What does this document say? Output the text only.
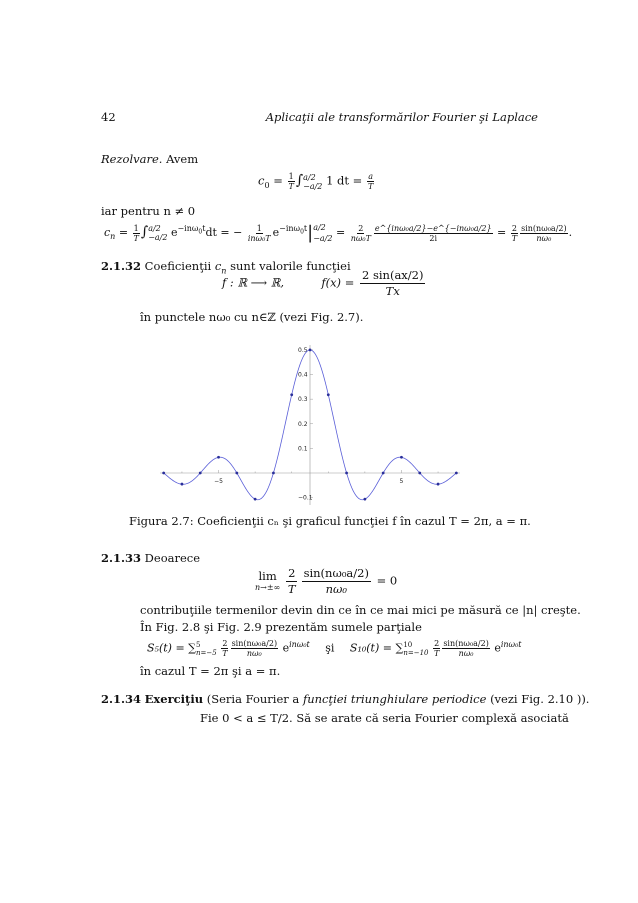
42	Aplicaţii ale transformărilor Fourier şi Laplace
Rezolvare. Avem
$c_0 = \frac{1}{T}$ ∫ a/2
−a/2 1 dt = $\frac{a}{T}$
iar pentru n ≠ 0
$c_n = \frac{1}{T}$ ∫ a/2
−a/2 $e^{-in\omega_0t}dt$ = − $\frac{1}{\text{inω₀T}} e^{-in\omega_0t}|$ a/2
$-a/2 = \frac{2}{\text{nω₀T}} \frac{\text{e\textasciicircum{}\{inω₀a/2\}−e\textasciicircum{}\{−inω₀a/2\}}}{2i} = \frac{2}{T} \frac{\text{sin(nω₀a/2)}}{\text{nω₀}}$ .
2.1.32 Coeficienţii $c_n$ sunt valorile funcţiei
f : ℝ ⟶ ℝ,	$f(x) = \frac{2 \sin(ax/2)}{Tx}$
în punctele nω₀ cu n∈ℤ (vezi Fig. 2.7).
−5	5
−0.1
0.1
0.2
0.3
0.4
0.5
Figura 2.7: Coeficienţii cₙ şi graficul funcţiei f în cazul T = 2π, a = π.
2.1.33 Deoarece
lim
n→±∞
$\frac{2}{T} \frac{\text{sin(nω₀a/2)}}{\text{nω₀}} = 0$
contribuţiile termenilor devin din ce în ce mai mici pe măsură ce |n| creşte.
În Fig. 2.8 şi Fig. 2.9 prezentăm sumele parţiale
S₅(t) = ∑ 5
n=−5
$\frac{2}{T} \frac{\text{sin(nω₀a/2)}}{\text{nω₀}} e^{in\omega_0t}$ şi S₁₀(t) = ∑ 10
n=−10
$\frac{2}{T} \frac{\text{sin(nω₀a/2)}}{\text{nω₀}} e^{in\omega_0t}$
în cazul T = 2π şi a = π.
2.1.34 Exerciţiu (Seria Fourier a funcţiei triunghiulare periodice (vezi Fig. 2.10 )).
Fie 0 < a ≤ T/2. Să se arate că seria Fourier complexă asociată
